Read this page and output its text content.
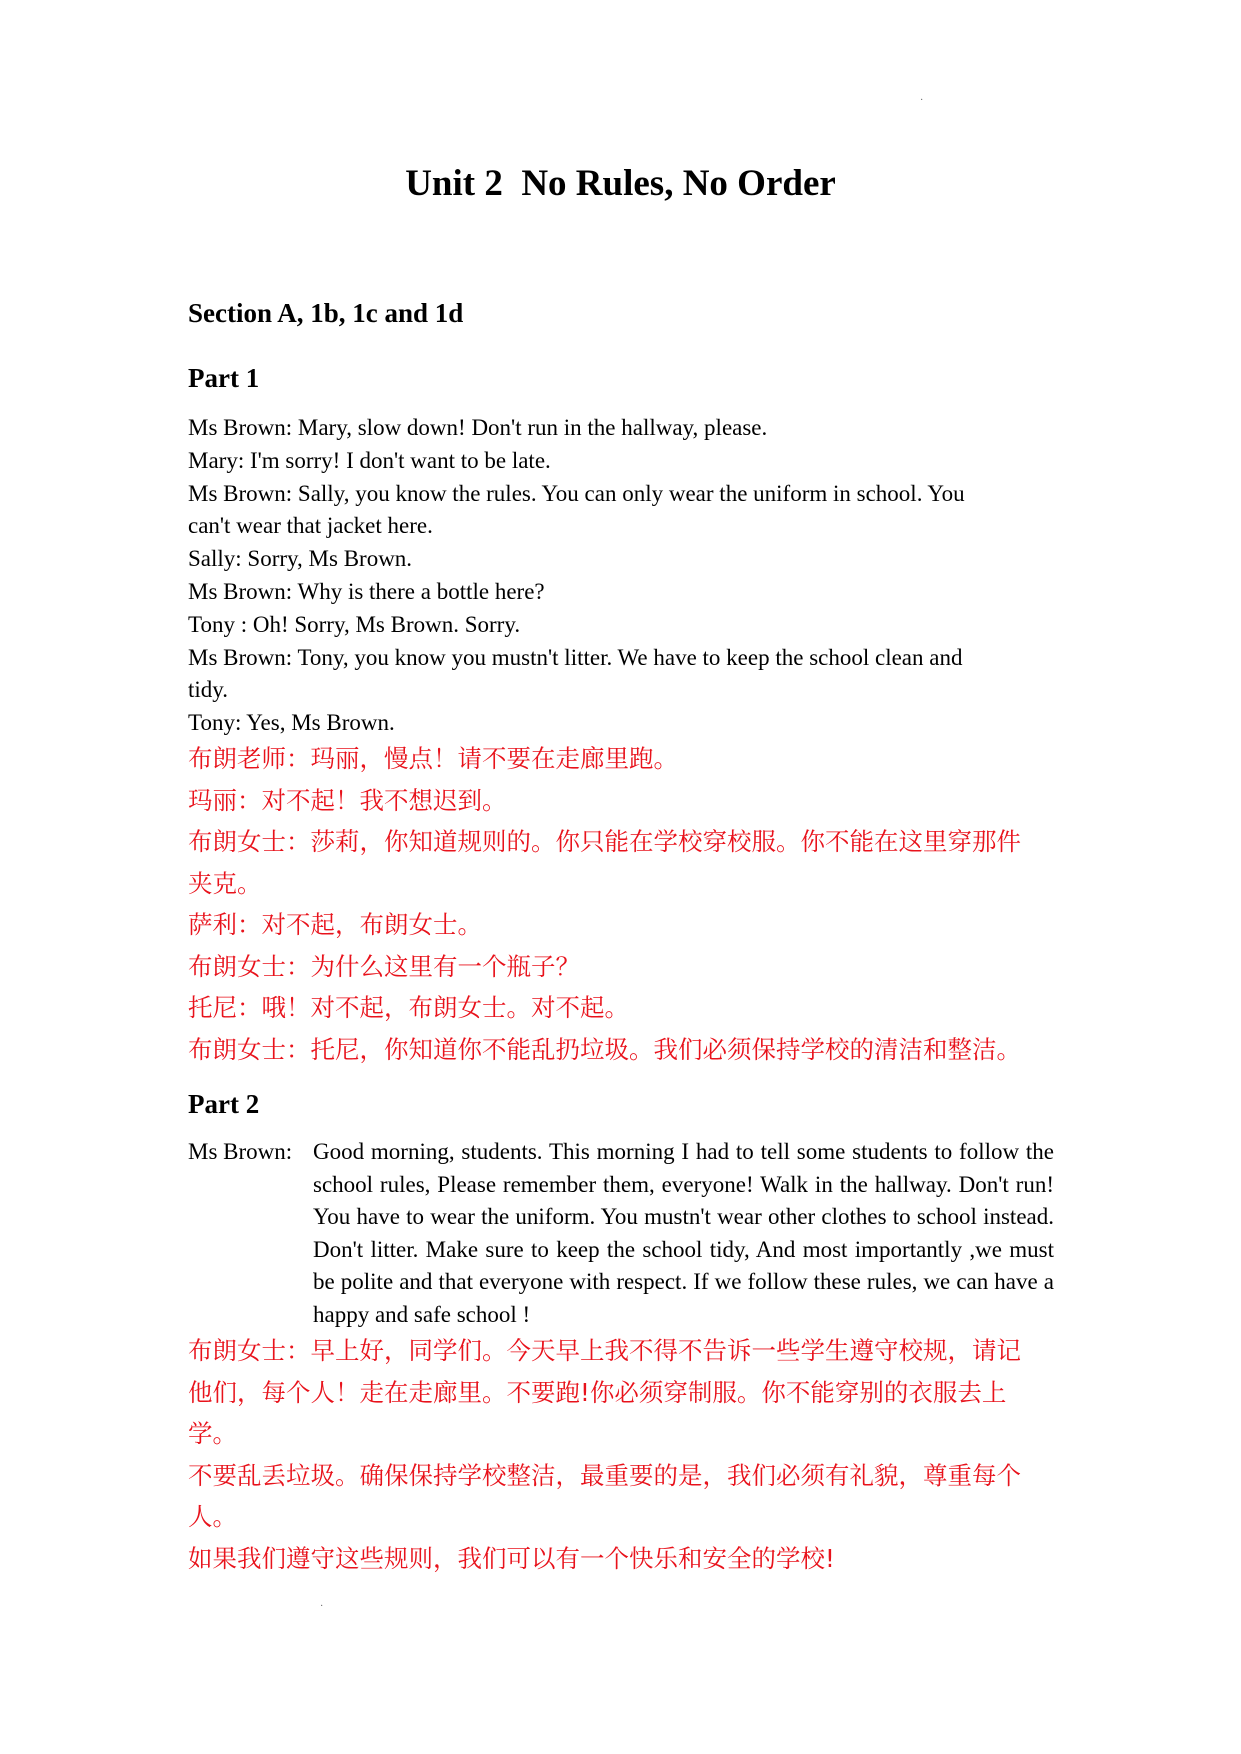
·
Unit 2  No Rules, No Order
Section A, 1b, 1c and 1d
Part 1

Ms Brown: Mary, slow down! Don't run in the hallway, please.

Mary: I'm sorry! I don't want to be late.

Ms Brown: Sally, you know the rules. You can only wear the uniform in school. You

can't wear that jacket here.

Sally: Sorry, Ms Brown.

Ms Brown: Why is there a bottle here?

Tony : Oh! Sorry, Ms Brown. Sorry.

Ms Brown: Tony, you know you mustn't litter. We have to keep the school clean and

tidy.

Tony: Yes, Ms Brown.

布朗老师：玛丽，慢点！请不要在走廊里跑。

玛丽：对不起！我不想迟到。

布朗女士：莎莉，你知道规则的。你只能在学校穿校服。你不能在这里穿那件

夹克。

萨利：对不起，布朗女士。

布朗女士：为什么这里有一个瓶子？

托尼：哦！对不起，布朗女士。对不起。

布朗女士：托尼，你知道你不能乱扔垃圾。我们必须保持学校的清洁和整洁。

Part 2
Ms Brown: Good morning, students. This morning I had to tell some students to follow the school rules, Please remember them, everyone! Walk in the hallway. Don't run! You have to wear the uniform. You mustn't wear other clothes to school instead. Don't litter. Make sure to keep the school tidy, And most importantly ,we must be polite and that everyone with respect. If we follow these rules, we can have a happy and safe school !

布朗女士：早上好，同学们。今天早上我不得不告诉一些学生遵守校规，请记

他们，每个人！走在走廊里。不要跑!你必须穿制服。你不能穿别的衣服去上

学。

不要乱丢垃圾。确保保持学校整洁，最重要的是，我们必须有礼貌，尊重每个

人。

如果我们遵守这些规则，我们可以有一个快乐和安全的学校!

·
